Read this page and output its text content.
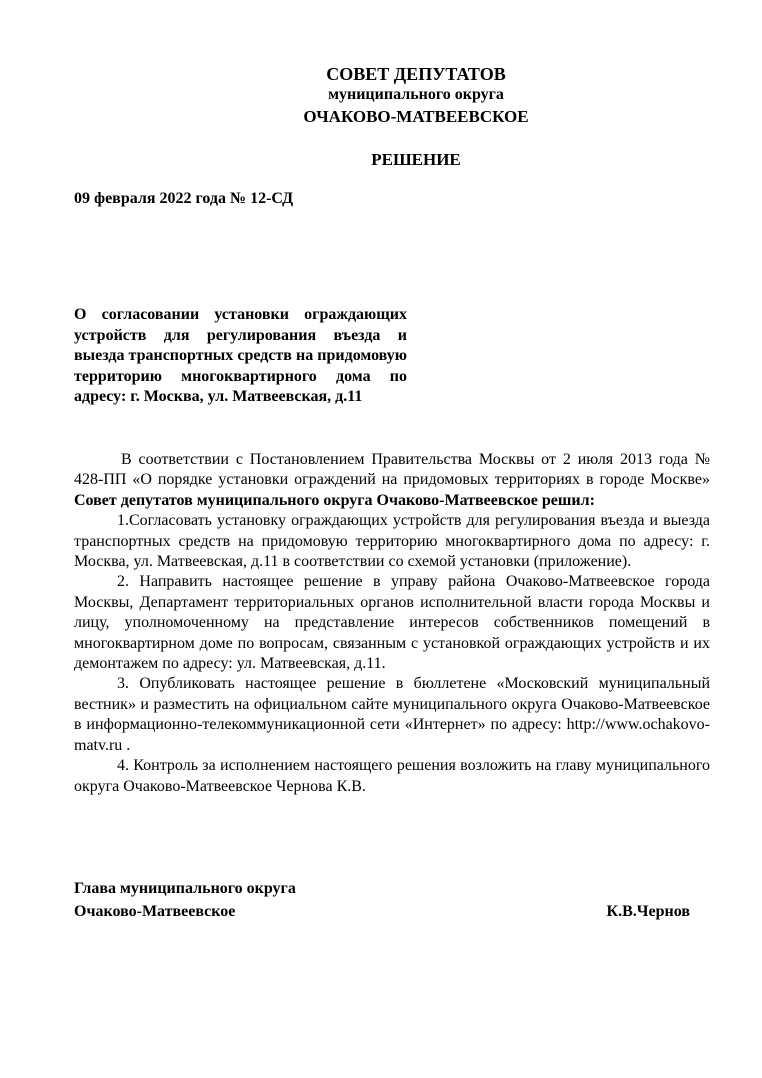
СОВЕТ ДЕПУТАТОВ
муниципального округа
ОЧАКОВО-МАТВЕЕВСКОЕ
РЕШЕНИЕ
09 февраля 2022 года № 12-СД
О согласовании установки ограждающих устройств для регулирования въезда и выезда транспортных средств на придомовую территорию многоквартирного дома по адресу: г. Москва, ул. Матвеевская, д.11

В соответствии с Постановлением Правительства Москвы от 2 июля 2013 года № 428-ПП «О порядке установки ограждений на придомовых территориях в городе Москве» Совет депутатов муниципального округа Очаково-Матвеевское решил:

1.Согласовать установку ограждающих устройств для регулирования въезда и выезда транспортных средств на придомовую территорию многоквартирного дома по адресу: г. Москва, ул. Матвеевская, д.11 в соответствии со схемой установки (приложение).

2. Направить настоящее решение в управу района Очаково-Матвеевское города Москвы, Департамент территориальных органов исполнительной власти города Москвы и лицу, уполномоченному на представление интересов собственников помещений в многоквартирном доме по вопросам, связанным с установкой ограждающих устройств и их демонтажем по адресу: ул. Матвеевская, д.11.

3. Опубликовать настоящее решение в бюллетене «Московский муниципальный вестник» и разместить на официальном сайте муниципального округа Очаково-Матвеевское в информационно-телекоммуникационной сети «Интернет» по адресу: http://www.ochakovo-matv.ru .

4. Контроль за исполнением настоящего решения возложить на главу муниципального округа Очаково-Матвеевское Чернова К.В.

Глава муниципального округа
Очаково-Матвеевское	К.В.Чернов
